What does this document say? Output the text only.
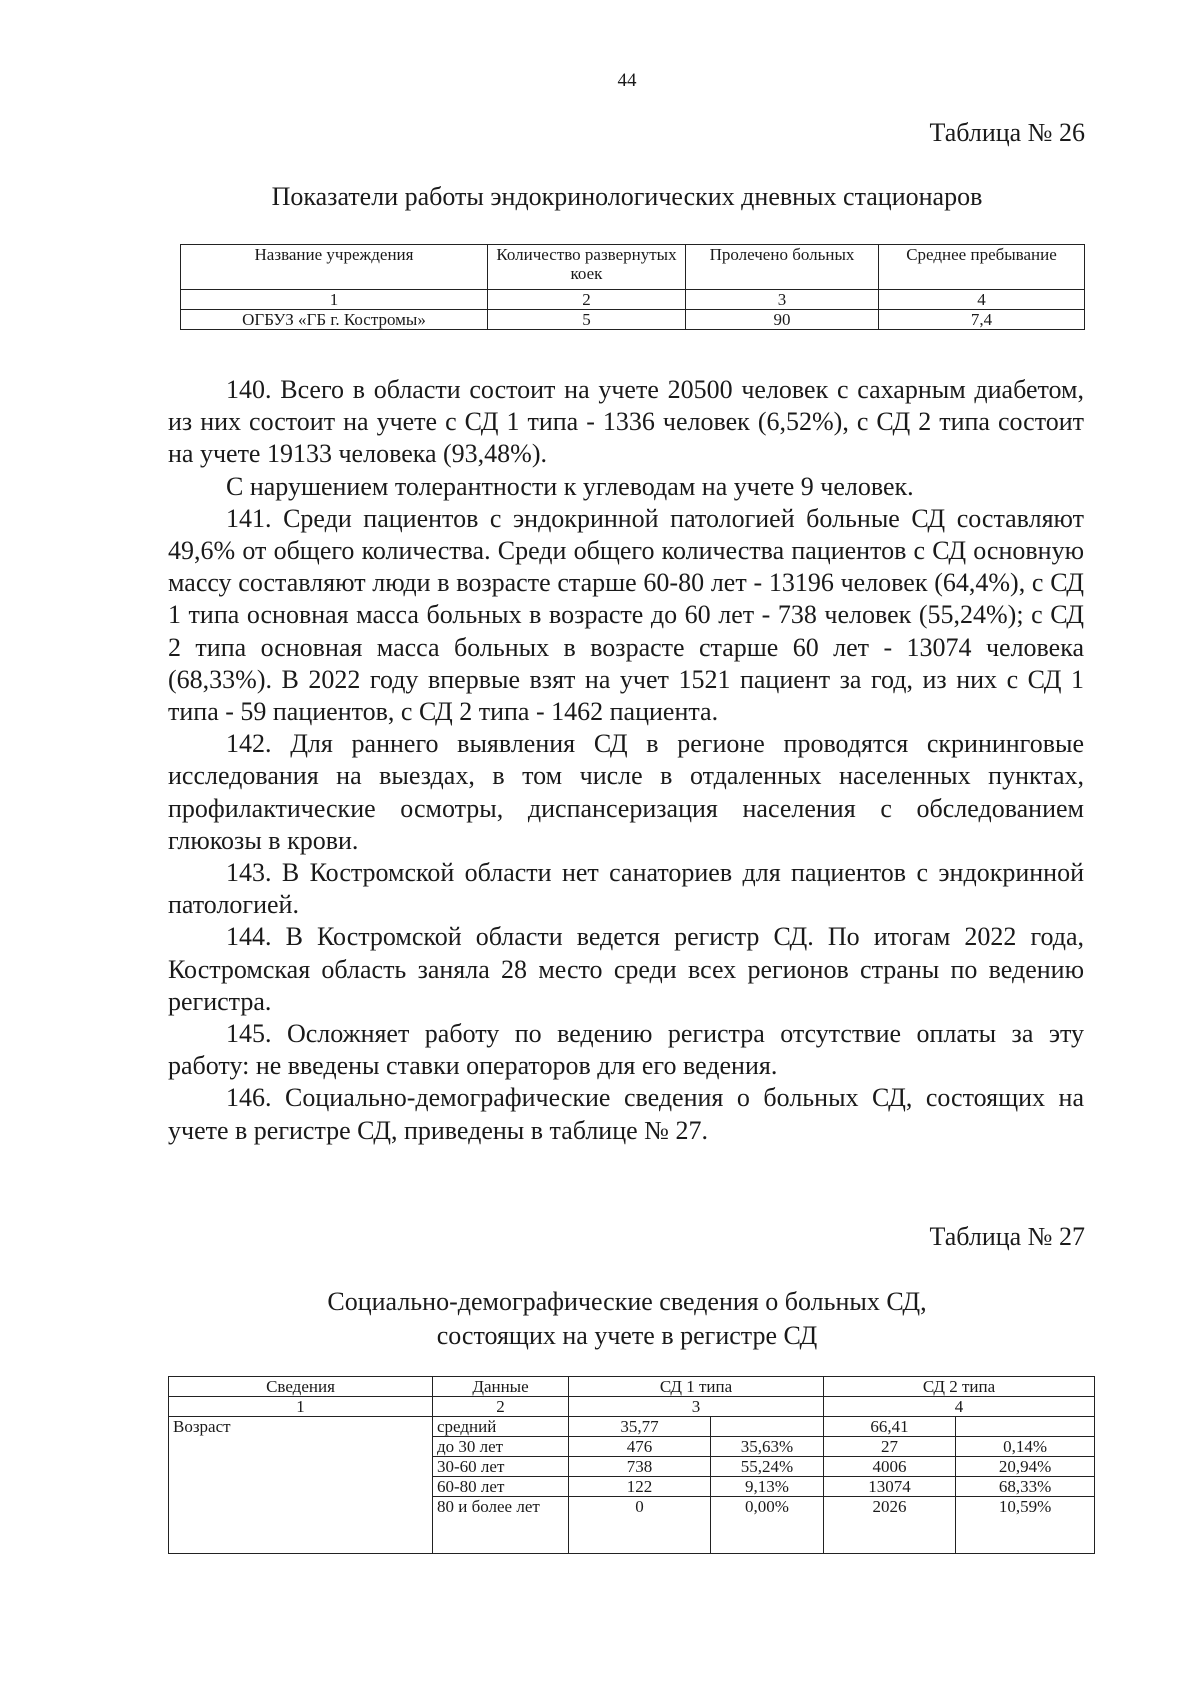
44
Таблица № 26
Показатели работы эндокринологических дневных стационаров
Название учреждения	Количество развернутых коек	Пролечено больных	Среднее пребывание
1	2	3	4
ОГБУЗ «ГБ г. Костромы»	5	90	7,4

140. Всего в области состоит на учете 20500 человек с сахарным диабетом, из них состоит на учете с СД 1 типа - 1336 человек (6,52%), с СД 2 типа состоит на учете 19133 человека (93,48%).

С нарушением толерантности к углеводам на учете 9 человек.

141. Среди пациентов с эндокринной патологией больные СД составляют 49,6% от общего количества. Среди общего количества пациентов с СД основную массу составляют люди в возрасте старше 60-80 лет - 13196 человек (64,4%), с СД 1 типа основная масса больных в возрасте до 60 лет - 738 человек (55,24%); с СД 2 типа основная масса больных в возрасте старше 60 лет - 13074 человека (68,33%). В 2022 году впервые взят на учет 1521 пациент за год, из них с СД 1 типа - 59 пациентов, с СД 2 типа - 1462 пациента.

142. Для раннего выявления СД в регионе проводятся скрининговые исследования на выездах, в том числе в отдаленных населенных пунктах, профилактические осмотры, диспансеризация населения с обследованием глюкозы в крови.

143. В Костромской области нет санаториев для пациентов с эндокринной патологией.

144. В Костромской области ведется регистр СД. По итогам 2022 года, Костромская область заняла 28 место среди всех регионов страны по ведению регистра.

145. Осложняет работу по ведению регистра отсутствие оплаты за эту работу: не введены ставки операторов для его ведения.

146. Социально-демографические сведения о больных СД, состоящих на учете в регистре СД, приведены в таблице № 27.

Таблица № 27
Социально-демографические сведения о больных СД,
состоящих на учете в регистре СД
Сведения	Данные	СД 1 типа		СД 2 типа	
1	2	3		4	
Возраст	средний	35,77		66,41	
	до 30 лет	476	35,63%	27	0,14%
	30-60 лет	738	55,24%	4006	20,94%
	60-80 лет	122	9,13%	13074	68,33%
	80 и более лет	0	0,00%	2026	10,59%
